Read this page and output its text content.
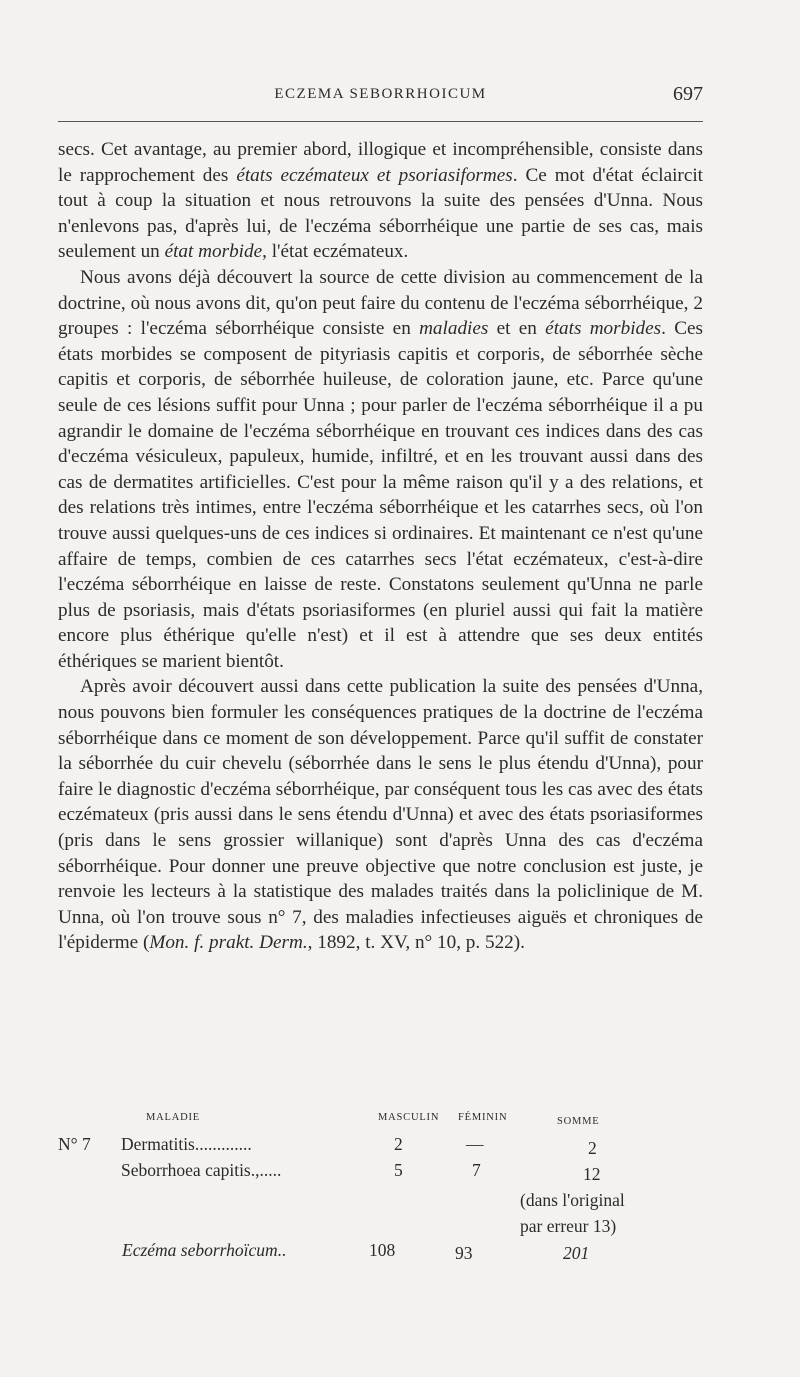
ECZEMA SEBORRHOICUM	697

secs. Cet avantage, au premier abord, illogique et incompréhensible, consiste dans le rapprochement des états eczémateux et psoriasiformes. Ce mot d'état éclaircit tout à coup la situation et nous retrouvons la suite des pensées d'Unna. Nous n'enlevons pas, d'après lui, de l'eczéma séborrhéique une partie de ses cas, mais seulement un état morbide, l'état eczémateux.

Nous avons déjà découvert la source de cette division au commencement de la doctrine, où nous avons dit, qu'on peut faire du contenu de l'eczéma séborrhéique, 2 groupes : l'eczéma séborrhéique consiste en maladies et en états morbides. Ces états morbides se composent de pityriasis capitis et corporis, de séborrhée sèche capitis et corporis, de séborrhée huileuse, de coloration jaune, etc. Parce qu'une seule de ces lésions suffit pour Unna ; pour parler de l'eczéma séborrhéique il a pu agrandir le domaine de l'eczéma séborrhéique en trouvant ces indices dans des cas d'eczéma vésiculeux, papuleux, humide, infiltré, et en les trouvant aussi dans des cas de dermatites artificielles. C'est pour la même raison qu'il y a des relations, et des relations très intimes, entre l'eczéma séborrhéique et les catarrhes secs, où l'on trouve aussi quelques-uns de ces indices si ordinaires. Et maintenant ce n'est qu'une affaire de temps, combien de ces catarrhes secs l'état eczémateux, c'est-à-dire l'eczéma séborrhéique en laisse de reste. Constatons seulement qu'Unna ne parle plus de psoriasis, mais d'états psoriasiformes (en pluriel aussi qui fait la matière encore plus éthérique qu'elle n'est) et il est à attendre que ses deux entités éthériques se marient bientôt.

Après avoir découvert aussi dans cette publication la suite des pensées d'Unna, nous pouvons bien formuler les conséquences pratiques de la doctrine de l'eczéma séborrhéique dans ce moment de son développement. Parce qu'il suffit de constater la séborrhée du cuir chevelu (séborrhée dans le sens le plus étendu d'Unna), pour faire le diagnostic d'eczéma séborrhéique, par conséquent tous les cas avec des états eczémateux (pris aussi dans le sens étendu d'Unna) et avec des états psoriasiformes (pris dans le sens grossier willanique) sont d'après Unna des cas d'eczéma séborrhéique. Pour donner une preuve objective que notre conclusion est juste, je renvoie les lecteurs à la statistique des malades traités dans la policlinique de M. Unna, où l'on trouve sous n° 7, des maladies infectieuses aiguës et chroniques de l'épiderme (Mon. f. prakt. Derm., 1892, t. XV, n° 10, p. 522).

MALADIE	MASCULIN FÉMININ	SOMME
N° 7 Dermatitis.............	2	—	2
Seborrhoea capitis.,.....	5	7	12
(dans l'original
par erreur 13)
Eczéma seborrhoïcum..	108	93	201
